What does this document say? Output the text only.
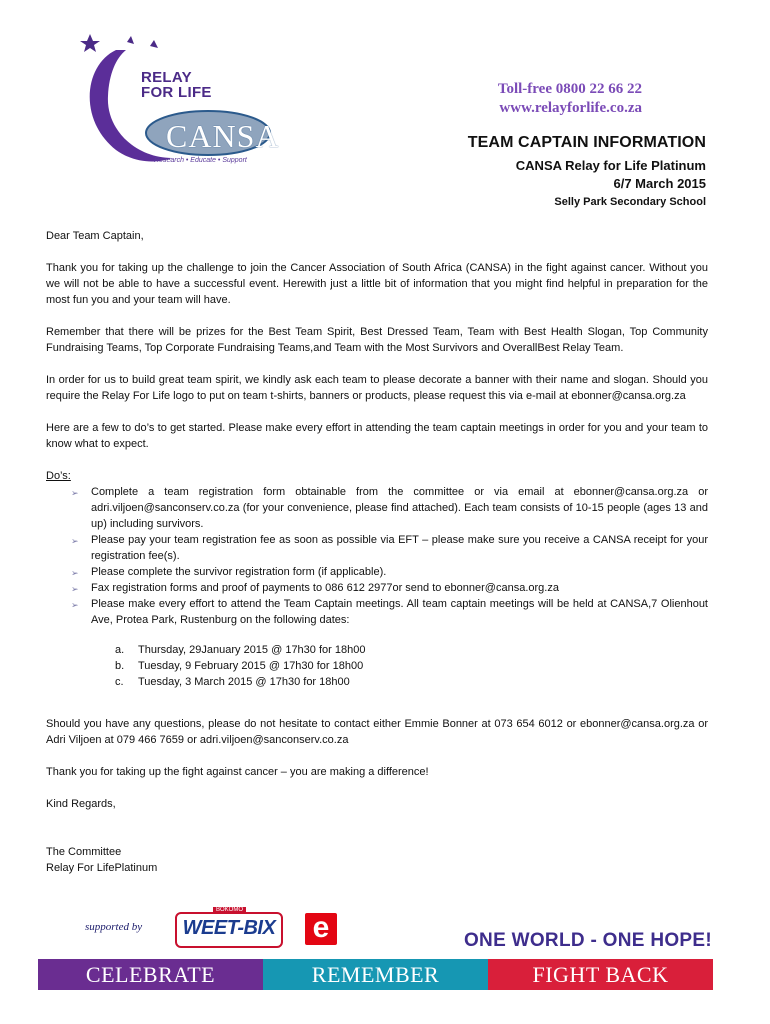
RELAY
FOR LIFE
CANSA
Research • Educate • Support
Toll-free 0800 22 66 22
www.relayforlife.co.za
TEAM CAPTAIN INFORMATION
CANSA Relay for Life Platinum
6/7 March 2015
Selly Park Secondary School

Dear Team Captain,

Thank you for taking up the challenge to join the Cancer Association of South Africa (CANSA) in the fight against cancer. Without you we will not be able to have a successful event. Herewith just a little bit of information that you might find helpful in preparation for the most fun you and your team will have.

Remember that there will be prizes for the Best Team Spirit, Best Dressed Team, Team with Best Health Slogan, Top Community Fundraising Teams, Top Corporate Fundraising Teams,and Team with the Most Survivors and OverallBest Relay Team.

In order for us to build great team spirit, we kindly ask each team to please decorate a banner with their name and slogan. Should you require the Relay For Life logo to put on team t-shirts, banners or products, please request this via e-mail at ebonner@cansa.org.za

Here are a few to do’s to get started. Please make every effort in attending the team captain meetings in order for you and your team to know what to expect.

Do’s:

➢ Complete a team registration form obtainable from the committee or via email at ebonner@cansa.org.za or adri.viljoen@sanconserv.co.za (for your convenience, please find attached). Each team consists of 10-15 people (ages 13 and up) including survivors.
➢ Please pay your team registration fee as soon as possible via EFT – please make sure you receive a CANSA receipt for your registration fee(s).
➢ Please complete the survivor registration form (if applicable).
➢ Fax registration forms and proof of payments to 086 612 2977or send to ebonner@cansa.org.za
➢ Please make every effort to attend the Team Captain meetings. All team captain meetings will be held at CANSA,7 Olienhout Ave, Protea Park, Rustenburg on the following dates:
a. Thursday, 29January 2015 @ 17h30 for 18h00
b. Tuesday, 9 February 2015 @ 17h30 for 18h00
c. Tuesday, 3 March 2015 @ 17h30 for 18h00

Should you have any questions, please do not hesitate to contact either Emmie Bonner at 073 654 6012 or ebonner@cansa.org.za or Adri Viljoen at 079 466 7659 or adri.viljoen@sanconserv.co.za

Thank you for taking up the fight against cancer – you are making a difference!

Kind Regards,

The Committee

Relay For LifePlatinum

supported by
BOKOMO
WEET-BIX e	ONE WORLD - ONE HOPE!
CELEBRATE	REMEMBER	FIGHT BACK
